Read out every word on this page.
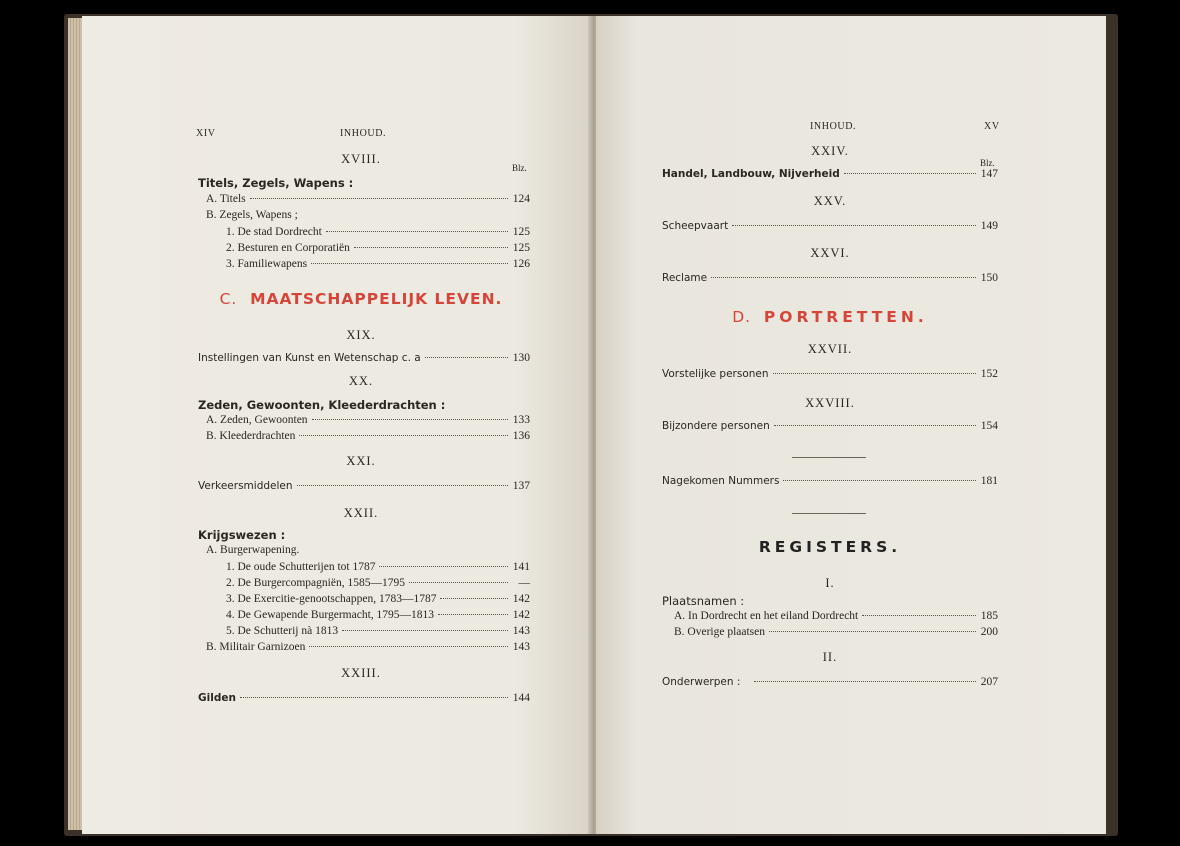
XIV	INHOUD.
XVIII.
Blz.
Titels, Zegels, Wapens :
A. Titels	124
B. Zegels, Wapens ;
1. De stad Dordrecht	125
2. Besturen en Corporatiën	125
3. Familiewapens	126
C. MAATSCHAPPELIJK LEVEN.
XIX.
Instellingen van Kunst en Wetenschap c. a	130
XX.
Zeden, Gewoonten, Kleederdrachten :
A. Zeden, Gewoonten	133
B. Kleederdrachten	136
XXI.
Verkeersmiddelen	137
XXII.
Krijgswezen :
A. Burgerwapening.
1. De oude Schutterijen tot 1787	141
2. De Burgercompagniën, 1585—1795	—
3. De Exercitie-genootschappen, 1783—1787	142
4. De Gewapende Burgermacht, 1795—1813	142
5. De Schutterij nà 1813	143
B. Militair Garnizoen	143
XXIII.
Gilden	144
INHOUD.	XV
XXIV.
Blz.
Handel, Landbouw, Nijverheid	147
XXV.
Scheepvaart	149
XXVI.
Reclame	150
D. PORTRETTEN.
XXVII.
Vorstelijke personen	152
XXVIII.
Bijzondere personen	154
Nagekomen Nummers	181
REGISTERS.
I.
Plaatsnamen :
A. In Dordrecht en het eiland Dordrecht	185
B. Overige plaatsen	200
II.
Onderwerpen :	207
